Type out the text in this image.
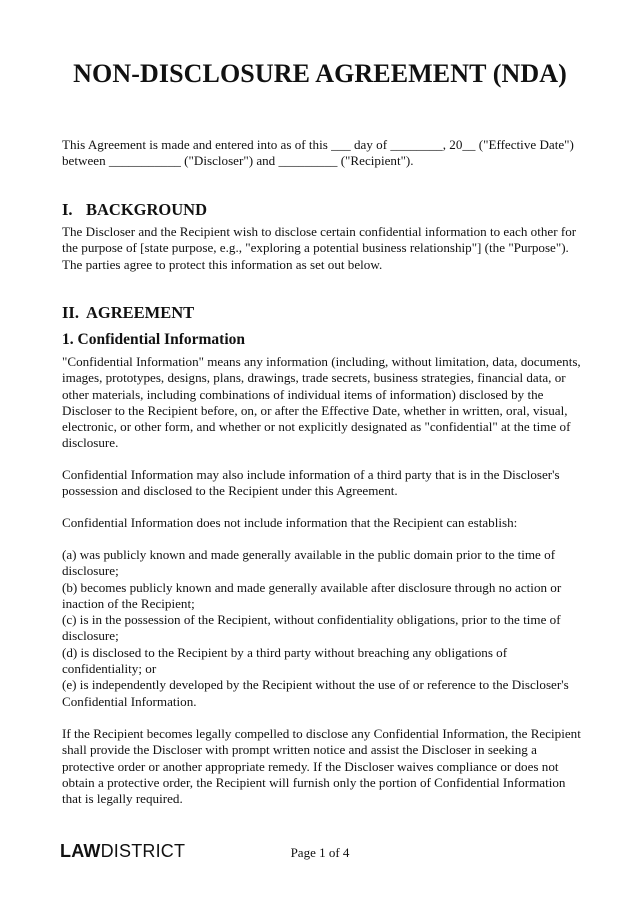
NON-DISCLOSURE AGREEMENT (NDA)

This Agreement is made and entered into as of this ___ day of ________, 20__ ("Effective Date")

between ___________ ("Discloser") and _________ ("Recipient").

I. BACKGROUND

The Discloser and the Recipient wish to disclose certain confidential information to each other for

the purpose of [state purpose, e.g., "exploring a potential business relationship"] (the "Purpose").

The parties agree to protect this information as set out below.

II. AGREEMENT
1. Confidential Information

"Confidential Information" means any information (including, without limitation, data, documents,

images, prototypes, designs, plans, drawings, trade secrets, business strategies, financial data, or

other materials, including combinations of individual items of information) disclosed by the

Discloser to the Recipient before, on, or after the Effective Date, whether in written, oral, visual,

electronic, or other form, and whether or not explicitly designated as "confidential" at the time of

disclosure.

Confidential Information may also include information of a third party that is in the Discloser's

possession and disclosed to the Recipient under this Agreement.

Confidential Information does not include information that the Recipient can establish:

(a) was publicly known and made generally available in the public domain prior to the time of

disclosure;

(b) becomes publicly known and made generally available after disclosure through no action or

inaction of the Recipient;

(c) is in the possession of the Recipient, without confidentiality obligations, prior to the time of

disclosure;

(d) is disclosed to the Recipient by a third party without breaching any obligations of

confidentiality; or

(e) is independently developed by the Recipient without the use of or reference to the Discloser's

Confidential Information.

If the Recipient becomes legally compelled to disclose any Confidential Information, the Recipient

shall provide the Discloser with prompt written notice and assist the Discloser in seeking a

protective order or another appropriate remedy. If the Discloser waives compliance or does not

obtain a protective order, the Recipient will furnish only the portion of Confidential Information

that is legally required.

LAWDISTRICT	Page 1 of 4
